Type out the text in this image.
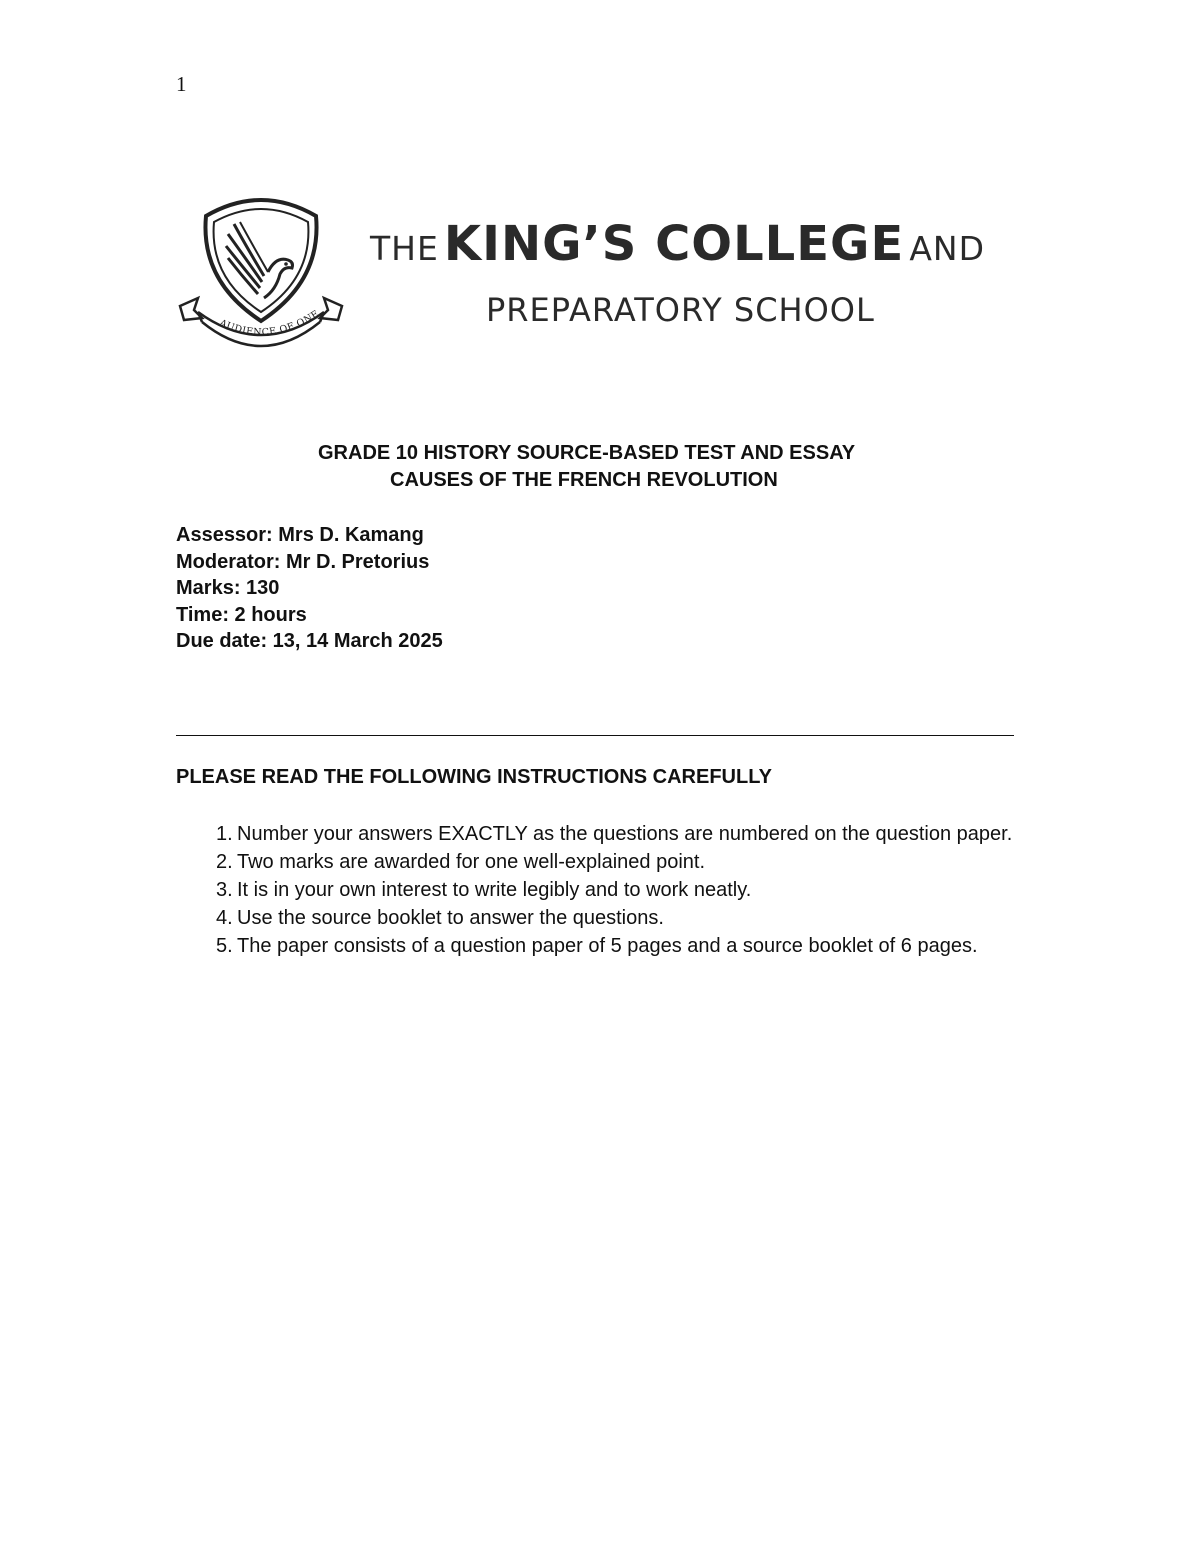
1
AUDIENCE OF ONE
THE KING’S COLLEGE AND
PREPARATORY SCHOOL
GRADE 10 HISTORY SOURCE-BASED TEST AND ESSAY
CAUSES OF THE FRENCH REVOLUTION
Assessor: Mrs D. Kamang
Moderator: Mr D. Pretorius
Marks: 130
Time: 2 hours
Due date: 13, 14 March 2025
PLEASE READ THE FOLLOWING INSTRUCTIONS CAREFULLY
1. Number your answers EXACTLY as the questions are numbered on the question paper.
2. Two marks are awarded for one well-explained point.
3. It is in your own interest to write legibly and to work neatly.
4. Use the source booklet to answer the questions.
5. The paper consists of a question paper of 5 pages and a source booklet of 6 pages.
